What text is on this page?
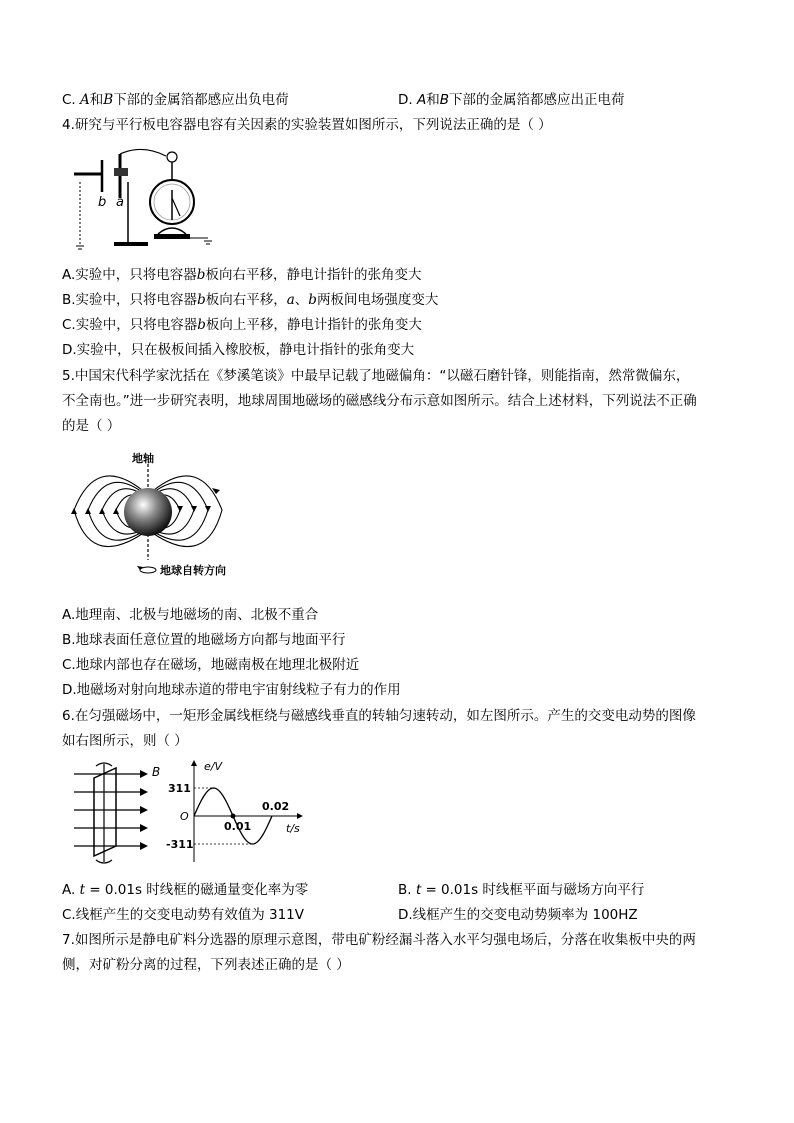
C. A和B下部的金属箔都感应出负电荷	D. A和B下部的金属箔都感应出正电荷
4.研究与平行板电容器电容有关因素的实验装置如图所示，下列说法正确的是（ ）
b a
A.实验中，只将电容器b板向右平移，静电计指针的张角变大
B.实验中，只将电容器b板向右平移，a、b两板间电场强度变大
C.实验中，只将电容器b板向上平移，静电计指针的张角变大
D.实验中，只在极板间插入橡胶板，静电计指针的张角变大
5.中国宋代科学家沈括在《梦溪笔谈》中最早记载了地磁偏角：“以磁石磨针锋，则能指南，然常微偏东，
不全南也。”进一步研究表明，地球周围地磁场的磁感线分布示意如图所示。结合上述材料，下列说法不正确
的是（ ）
地轴
地球自转方向
A.地理南、北极与地磁场的南、北极不重合
B.地球表面任意位置的地磁场方向都与地面平行
C.地球内部也存在磁场，地磁南极在地理北极附近
D.地磁场对射向地球赤道的带电宇宙射线粒子有力的作用
6.在匀强磁场中，一矩形金属线框绕与磁感线垂直的转轴匀速转动，如左图所示。产生的交变电动势的图像
如右图所示，则（ ）
B	e/V
t/s
O
311
-311
0.01
0.02
A. t = 0.01s 时线框的磁通量变化率为零	B. t = 0.01s 时线框平面与磁场方向平行
C.线框产生的交变电动势有效值为 311V	D.线框产生的交变电动势频率为 100HZ
7.如图所示是静电矿料分选器的原理示意图，带电矿粉经漏斗落入水平匀强电场后，分落在收集板中央的两
侧，对矿粉分离的过程，下列表述正确的是（ ）
